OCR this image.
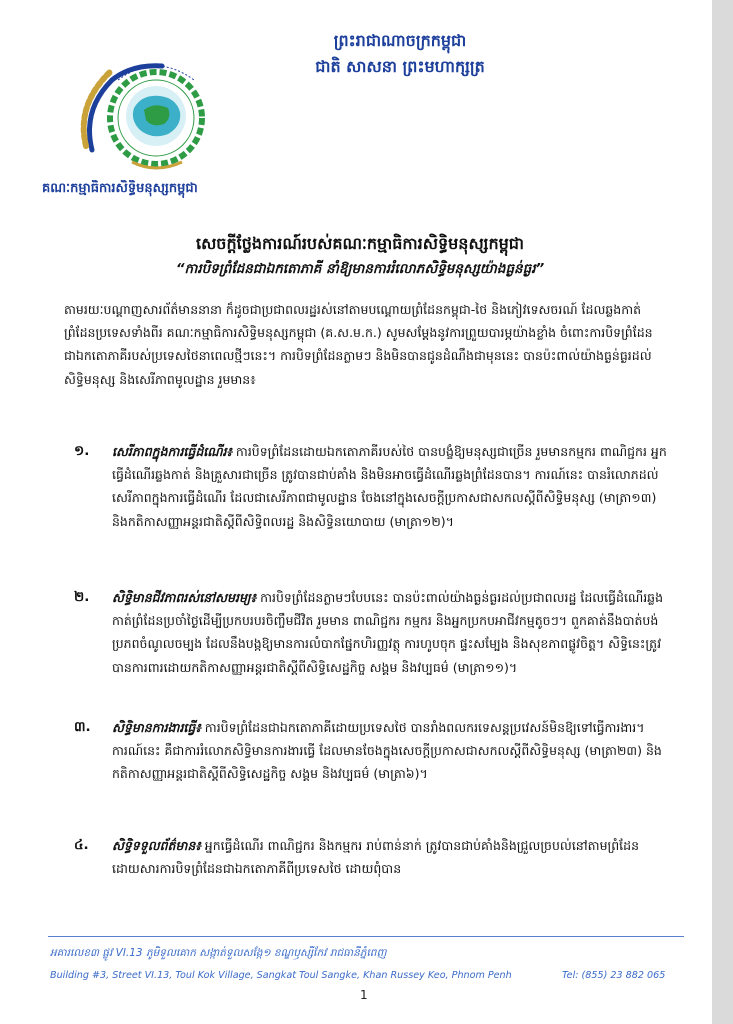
គណៈកម្មាធិការសិទ្ធិមនុស្សកម្ពុជា
ព្រះរាជាណាចក្រកម្ពុជា
ជាតិ សាសនា ព្រះមហាក្សត្រ
សេចក្តីថ្លែងការណ៍របស់គណៈកម្មាធិការសិទ្ធិមនុស្សកម្ពុជា
“ការបិទព្រំដែនជាឯកតោភាគី នាំឱ្យមានការរំលោភសិទ្ធិមនុស្សយ៉ាងធ្ងន់ធ្ងរ”
តាមរយៈបណ្តាញសារព័ត៌មាននានា ក៏ដូចជាប្រជាពលរដ្ឋរស់នៅតាមបណ្តោយព្រំដែនកម្ពុជា-ថៃ និងភៀវទេសចរណ៍ ដែលឆ្លងកាត់ព្រំដែនប្រទេសទាំងពីរ គណៈកម្មាធិការសិទ្ធិមនុស្សកម្ពុជា (គ.ស.ម.ក.) សូមសម្តែងនូវការព្រួយបារម្ភយ៉ាងខ្លាំង ចំពោះការបិទព្រំដែនជាឯកតោភាគីរបស់ប្រទេសថៃនាពេលថ្មីៗនេះ។ ការបិទព្រំដែនភ្លាមៗ និងមិនបានជូនដំណឹងជាមុននេះ បានប៉ះពាល់យ៉ាងធ្ងន់ធ្ងរដល់សិទ្ធិមនុស្ស និងសេរីភាពមូលដ្ឋាន រួមមាន៖
១.	សេរីភាពក្នុងការធ្វើដំណើរ៖ ការបិទព្រំដែនដោយឯកតោភាគីរបស់ថៃ បានបង្ខំឱ្យមនុស្សជាច្រើន រួមមានកម្មករ ពាណិជ្ជករ អ្នកធ្វើដំណើរឆ្លងកាត់ និងគ្រួសារជាច្រើន ត្រូវបានជាប់គាំង និងមិនអាចធ្វើដំណើរឆ្លងព្រំដែនបាន។ ការណ៍នេះ បានរំលោភដល់សេរីភាពក្នុងការធ្វើដំណើរ ដែលជាសេរីភាពជាមូលដ្ឋាន ចែងនៅក្នុងសេចក្តីប្រកាសជាសកលស្តីពីសិទ្ធិមនុស្ស (មាត្រា១៣) និងកតិកាសញ្ញាអន្តរជាតិស្តីពីសិទ្ធិពលរដ្ឋ និងសិទ្ធិនយោបាយ (មាត្រា១២)។
២.	សិទ្ធិមានជីវភាពរស់នៅសមរម្យ៖ ការបិទព្រំដែនភ្លាមៗបែបនេះ បានប៉ះពាល់យ៉ាងធ្ងន់ធ្ងរដល់ប្រជាពលរដ្ឋ ដែលធ្វើដំណើរឆ្លងកាត់ព្រំដែនប្រចាំថ្ងៃដើម្បីប្រកបរបរចិញ្ចឹមជីវិត រួមមាន ពាណិជ្ជករ កម្មករ និងអ្នកប្រកបអាជីវកម្មតូចៗ។ ពួកគាត់នឹងបាត់បង់ប្រភពចំណូលចម្បង ដែលនឹងបង្កឱ្យមានការលំបាកផ្នែកហិរញ្ញវត្ថុ ការហូបចុក ផ្ទះសម្បែង និងសុខភាពផ្លូវចិត្ត។ សិទ្ធិនេះត្រូវបានការពារដោយកតិកាសញ្ញាអន្តរជាតិស្តីពីសិទ្ធិសេដ្ឋកិច្ច សង្គម និងវប្បធម៌ (មាត្រា១១)។
៣.	សិទ្ធិមានការងារធ្វើ៖ ការបិទព្រំដែនជាឯកតោភាគីដោយប្រទេសថៃ បានរាំងពលករទេសន្តប្រវេសន៍មិនឱ្យទៅធ្វើការងារ។ ការណ៍នេះ គឺជាការរំលោភសិទ្ធិមានការងារធ្វើ ដែលមានចែងក្នុងសេចក្តីប្រកាសជាសកលស្តីពីសិទ្ធិមនុស្ស (មាត្រា២៣) និងកតិកាសញ្ញាអន្តរជាតិស្តីពីសិទ្ធិសេដ្ឋកិច្ច សង្គម និងវប្បធម៌ (មាត្រា៦)។
៤.	សិទ្ធិទទួលព័ត៌មាន៖ អ្នកធ្វើដំណើរ ពាណិជ្ជករ និងកម្មករ រាប់ពាន់នាក់ ត្រូវបានជាប់គាំងនិងជ្រួលច្របល់នៅតាមព្រំដែន ដោយសារការបិទព្រំដែនជាឯកតោភាគីពីប្រទេសថៃ ដោយពុំបាន
អគារលេខ៣ ផ្លូវ VI.13 ភូមិទួលគោក សង្កាត់ទួលសង្កែ១ ខណ្ឌឫស្សីកែវ រាជធានីភ្នំពេញ
Building #3, Street VI.13, Toul Kok Village, Sangkat Toul Sangke, Khan Russey Keo, Phnom Penh	Tel: (855) 23 882 065
1
